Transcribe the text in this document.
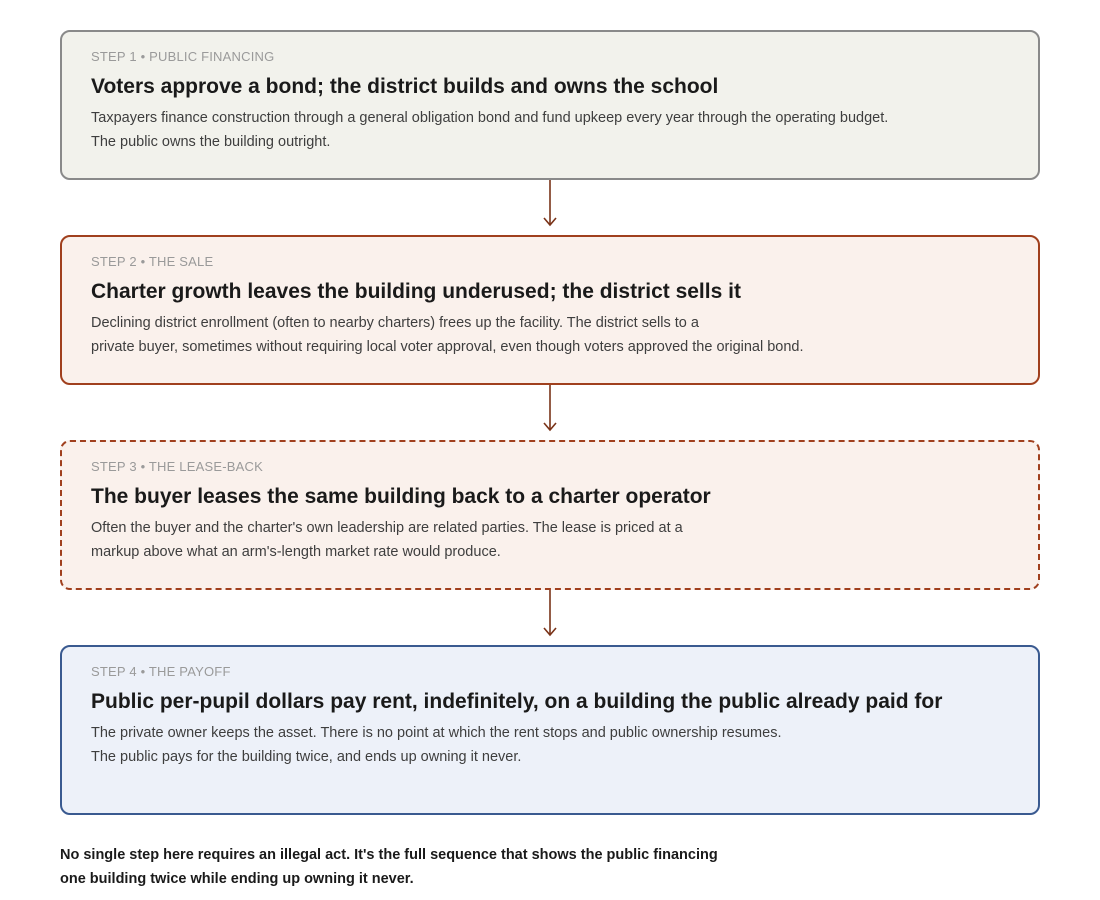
STEP 1 • PUBLIC FINANCING
Voters approve a bond; the district builds and owns the school
Taxpayers finance construction through a general obligation bond and fund upkeep every year through the operating budget.
The public owns the building outright.
STEP 2 • THE SALE
Charter growth leaves the building underused; the district sells it
Declining district enrollment (often to nearby charters) frees up the facility. The district sells to a
private buyer, sometimes without requiring local voter approval, even though voters approved the original bond.
STEP 3 • THE LEASE-BACK
The buyer leases the same building back to a charter operator
Often the buyer and the charter's own leadership are related parties. The lease is priced at a
markup above what an arm's-length market rate would produce.
STEP 4 • THE PAYOFF
Public per-pupil dollars pay rent, indefinitely, on a building the public already paid for
The private owner keeps the asset. There is no point at which the rent stops and public ownership resumes.
The public pays for the building twice, and ends up owning it never.
No single step here requires an illegal act. It's the full sequence that shows the public financing
one building twice while ending up owning it never.
